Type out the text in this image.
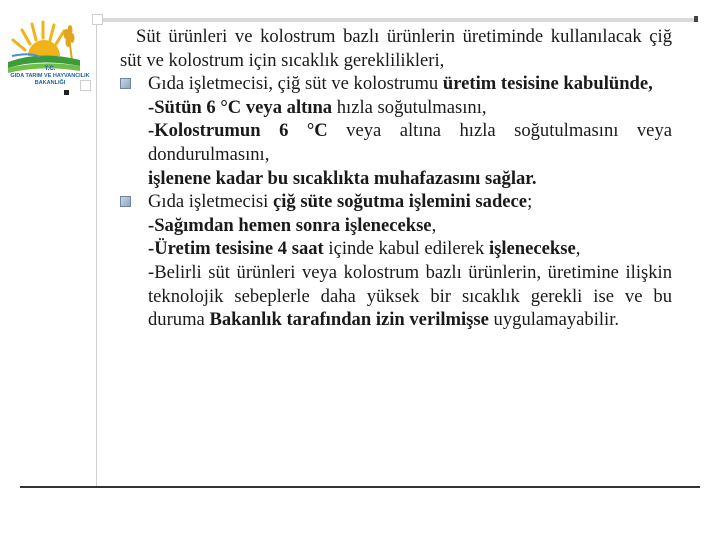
T.C.
GIDA TARIM VE HAYVANCILIK
BAKANLIĞI
Süt ürünleri ve kolostrum bazlı ürünlerin üretiminde kullanılacak çiğ süt ve kolostrum için sıcaklık gereklilikleri,
Gıda işletmecisi, çiğ süt ve kolostrumu üretim tesisine kabulünde,
-Sütün 6 °C veya altına hızla soğutulmasını,
-Kolostrumun 6 °C veya altına hızla soğutulmasını veya dondurulmasını,
işlenene kadar bu sıcaklıkta muhafazasını sağlar.
Gıda işletmecisi çiğ süte soğutma işlemini sadece;
-Sağımdan hemen sonra işlenecekse,
-Üretim tesisine 4 saat içinde kabul edilerek işlenecekse,
-Belirli süt ürünleri veya kolostrum bazlı ürünlerin, üretimine ilişkin teknolojik sebeplerle daha yüksek bir sıcaklık gerekli ise ve bu duruma Bakanlık tarafından izin verilmişse uygulamayabilir.
